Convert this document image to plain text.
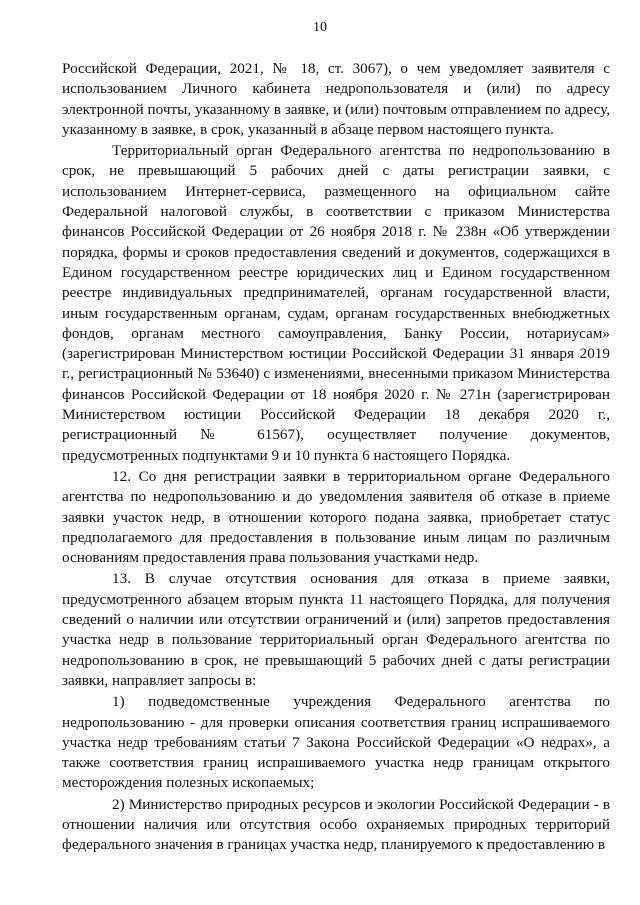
10

Российской Федерации, 2021, № 18, ст. 3067), о чем уведомляет заявителя с использованием Личного кабинета недропользователя и (или) по адресу электронной почты, указанному в заявке, и (или) почтовым отправлением по адресу, указанному в заявке, в срок, указанный в абзаце первом настоящего пункта.

Территориальный орган Федерального агентства по недропользованию в срок, не превышающий 5 рабочих дней с даты регистрации заявки, с использованием Интернет-сервиса, размещенного на официальном сайте Федеральной налоговой службы, в соответствии с приказом Министерства финансов Российской Федерации от 26 ноября 2018 г. № 238н «Об утверждении порядка, формы и сроков предоставления сведений и документов, содержащихся в Едином государственном реестре юридических лиц и Едином государственном реестре индивидуальных предпринимателей, органам государственной власти, иным государственным органам, судам, органам государственных внебюджетных фондов, органам местного самоуправления, Банку России, нотариусам» (зарегистрирован Министерством юстиции Российской Федерации 31 января 2019 г., регистрационный № 53640) с изменениями, внесенными приказом Министерства финансов Российской Федерации от 18 ноября 2020 г. № 271н (зарегистрирован Министерством юстиции Российской Федерации 18 декабря 2020 г., регистрационный № 61567), осуществляет получение документов, предусмотренных подпунктами 9 и 10 пункта 6 настоящего Порядка.

12. Со дня регистрации заявки в территориальном органе Федерального агентства по недропользованию и до уведомления заявителя об отказе в приеме заявки участок недр, в отношении которого подана заявка, приобретает статус предполагаемого для предоставления в пользование иным лицам по различным основаниям предоставления права пользования участками недр.

13. В случае отсутствия основания для отказа в приеме заявки, предусмотренного абзацем вторым пункта 11 настоящего Порядка, для получения сведений о наличии или отсутствии ограничений и (или) запретов предоставления участка недр в пользование территориальный орган Федерального агентства по недропользованию в срок, не превышающий 5 рабочих дней с даты регистрации заявки, направляет запросы в:

1) подведомственные учреждения Федерального агентства по недропользованию - для проверки описания соответствия границ испрашиваемого участка недр требованиям статьи 7 Закона Российской Федерации «О недрах», а также соответствия границ испрашиваемого участка недр границам открытого месторождения полезных ископаемых;

2) Министерство природных ресурсов и экологии Российской Федерации - в отношении наличия или отсутствия особо охраняемых природных территорий федерального значения в границах участка недр, планируемого к предоставлению в
